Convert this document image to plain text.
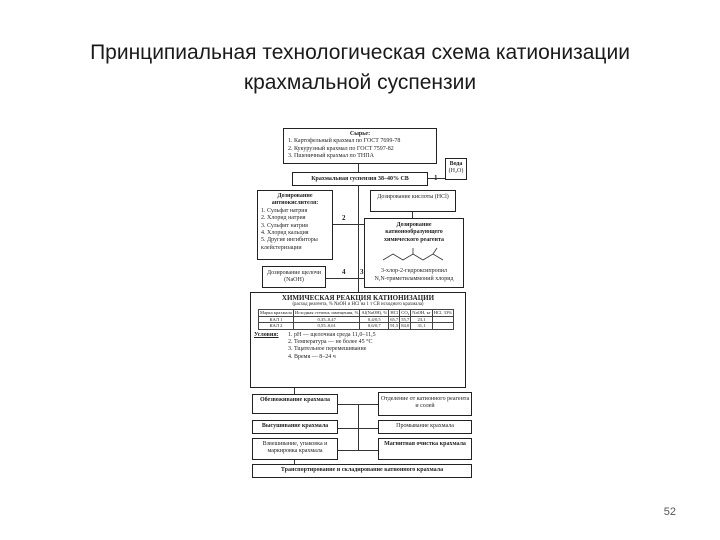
Принципиальная технологическая схема катионизации
крахмальной суспензии
Сырье:
1. Картофельный крахмал по ГОСТ 7699-78
2. Кукурузный крахмал по ГОСТ 7597-82
3. Пшеничный крахмал по ТНПА
Вода
(H₂O)
Крахмальная суспензия 38–40% СВ
Дозирование антиокислителя:
1. Сульфат натрия
2. Хлорид натрия
3. Сульфит натрия
4. Хлорид кальция
5. Другие ингибиторы клейстеризации
2
Дозирование кислоты (HCl)
Дозирование катионообразующего химического реагента
3-хлор-2-гидроксипропил
N,N-триметиламмоний хлорид
Дозирование щелочи (NaOH)
4 3
ХИМИЧЕСКАЯ РЕАКЦИЯ КАТИОНИЗАЦИИ
(расход реагента, % NaOH и HCl на 1 т СВ исходного крахмала)
Марка крахмала	Исходная степень замещения, %	Al(NaOH), %	HCl	СO₂	NaOH, кг	HCl, 33%
КАЛ 1	0,35–0,47	0,4/0,5	65,7	55,7	23,1	
КАЛ 2	0,55–0,61	0,6/0,7	91,5	84,0	31,1	
Условия:	1. pH — щелочная среда 11,0–11,5
2. Температура — не более 45 °C
3. Тщательное перемешивание
4. Время — 8–24 ч
Обезвоживание крахмала	Отделение от катионного реагента и солей
Высушивание крахмала	Промывание крахмала
Взвешивание, упаковка и маркировка крахмала
Магнитная очистка крахмала
Транспортирование и складирование катионного крахмала
52
